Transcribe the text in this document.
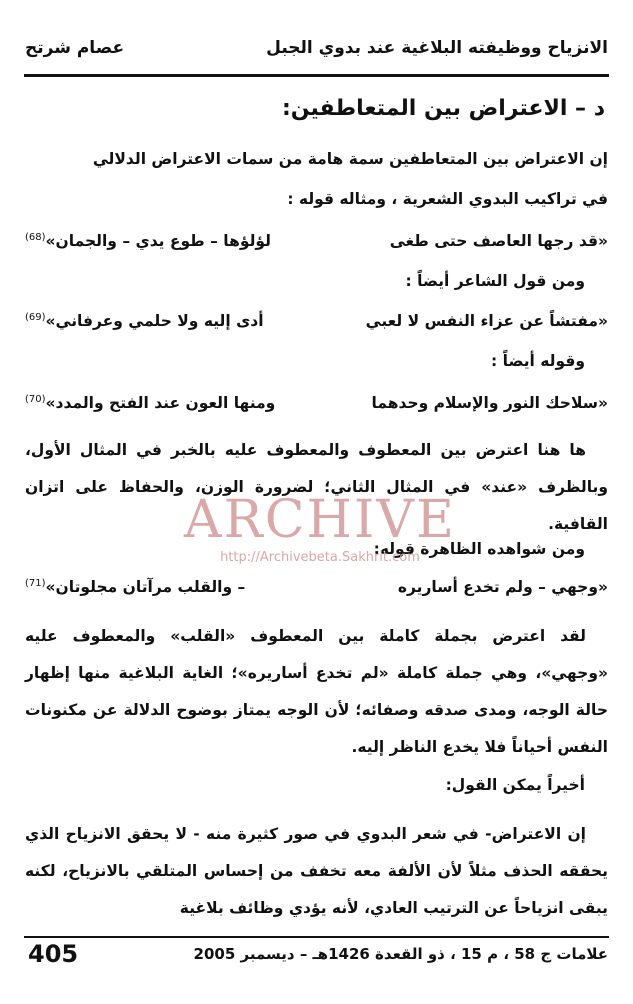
الانزياح ووظيفته البلاغية عند بدوي الجبل
عصام شرتح
د – الاعتراض بين المتعاطفين:
إن الاعتراض بين المتعاطفين سمة هامة من سمات الاعتراض الدلالي
في تراكيب البدوي الشعرية ، ومثاله قوله :
«قد رجها العاصف حتى طغى
لؤلؤها – طوع يدي – والجمان»$^{(68)}$
ومن قول الشاعر أيضاً :
«مفتشاً عن عزاء النفس لا لعبي
أدى إليه ولا حلمي وعرفاني»$^{(69)}$
وقوله أيضاً :
«سلاحك النور والإسلام وحدهما
ومنها العون عند الفتح والمدد»$^{(70)}$
ها هنا اعترض بين المعطوف والمعطوف عليه بالخبر في المثال الأول، وبالظرف «عند» في المثال الثاني؛ لضرورة الوزن، والحفاظ على اتزان القافية.
ومن شواهده الظاهرة قوله:
«وجهي – ولم تخدع أساريره
– والقلب مرآتان مجلوتان»$^{(71)}$
لقد اعترض بجملة كاملة بين المعطوف «القلب» والمعطوف عليه «وجهي»، وهي جملة كاملة «لم تخدع أساريره»؛ الغاية البلاغية منها إظهار حالة الوجه، ومدى صدقه وصفائه؛ لأن الوجه يمتاز بوضوح الدلالة عن مكنونات النفس أحياناً فلا يخدع الناظر إليه.
أخيراً يمكن القول:
إن الاعتراض- في شعر البدوي في صور كثيرة منه - لا يحقق الانزياح الذي يحققه الحذف مثلاً لأن الألفة معه تخفف من إحساس المتلقي بالانزياح، لكنه يبقى انزياحاً عن الترتيب العادي، لأنه يؤدي وظائف بلاغية
ARCHIVE
http://Archivebeta.Sakhrit.com
علامات ج 58 ، م 15 ، ذو القعدة 1426هـ – ديسمبر 2005
405
